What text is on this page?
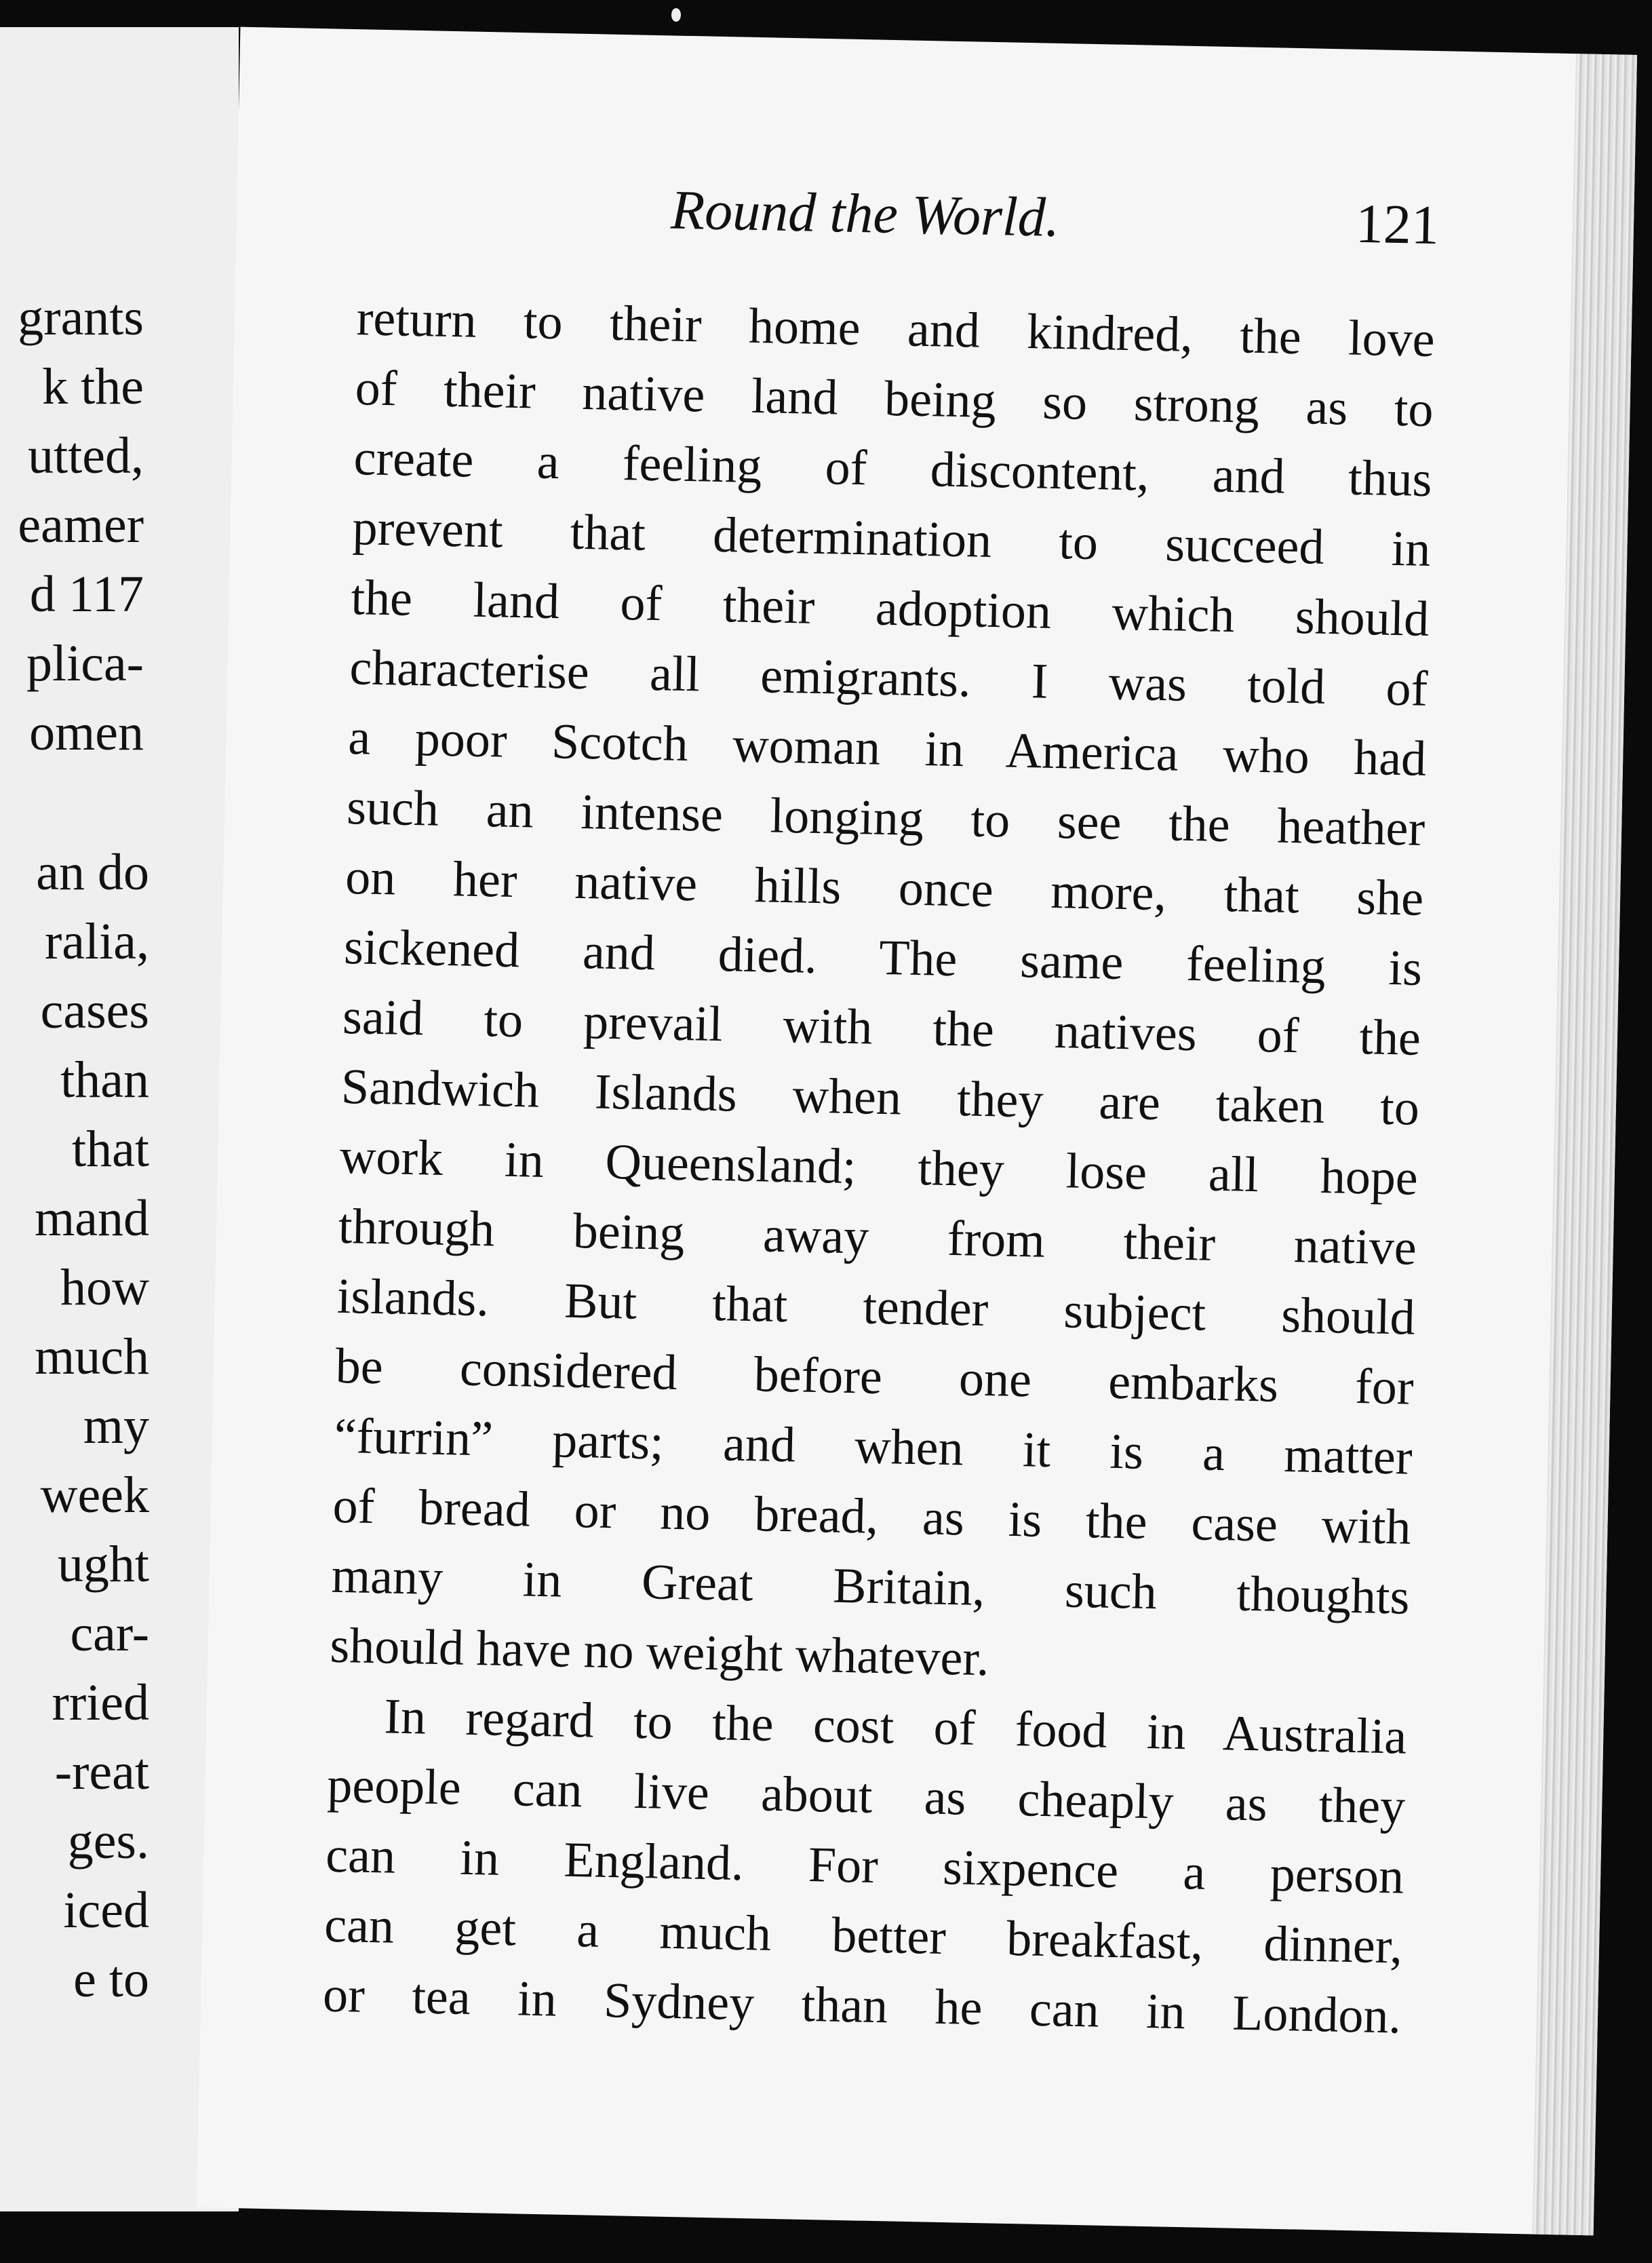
grants
k the
utted,
eamer
d 117
plica-
omen
an do
ralia,
cases
than
that
mand
how
much
my
week
ught
car-
rried
-reat
ges.
iced
e to
Round the World.	121
return to their home and kindred, the love
of their native land being so strong as to
create a feeling of discontent, and thus
prevent that determination to succeed in
the land of their adoption which should
characterise all emigrants. I was told of
a poor Scotch woman in America who had
such an intense longing to see the heather
on her native hills once more, that she
sickened and died. The same feeling is
said to prevail with the natives of the
Sandwich Islands when they are taken to
work in Queensland; they lose all hope
through being away from their native
islands. But that tender subject should
be considered before one embarks for
“furrin” parts; and when it is a matter
of bread or no bread, as is the case with
many in Great Britain, such thoughts
should have no weight whatever.
In regard to the cost of food in Australia
people can live about as cheaply as they
can in England. For sixpence a person
can get a much better breakfast, dinner,
or tea in Sydney than he can in London.
